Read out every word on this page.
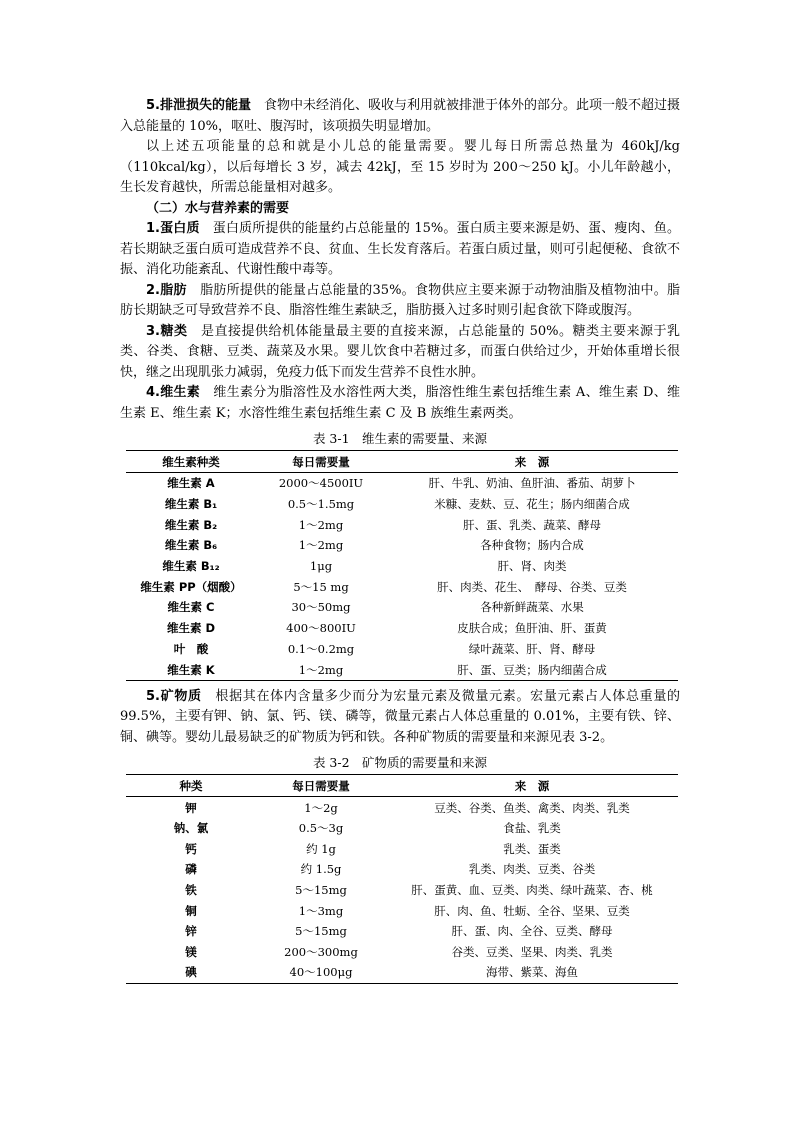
5.排泄损失的能量　食物中未经消化、吸收与利用就被排泄于体外的部分。此项一般不超过摄入总能量的 10%，呕吐、腹泻时，该项损失明显增加。

以上述五项能量的总和就是小儿总的能量需要。婴儿每日所需总热量为 460kJ/kg（110kcal/kg），以后每增长 3 岁，减去 42kJ，至 15 岁时为 200～250 kJ。小儿年龄越小，生长发育越快，所需总能量相对越多。

（二）水与营养素的需要

1.蛋白质　蛋白质所提供的能量约占总能量的 15%。蛋白质主要来源是奶、蛋、瘦肉、鱼。若长期缺乏蛋白质可造成营养不良、贫血、生长发育落后。若蛋白质过量，则可引起便秘、食欲不振、消化功能紊乱、代谢性酸中毒等。

2.脂肪　脂肪所提供的能量占总能量的35%。食物供应主要来源于动物油脂及植物油中。脂肪长期缺乏可导致营养不良、脂溶性维生素缺乏，脂肪摄入过多时则引起食欲下降或腹泻。

3.糖类　是直接提供给机体能量最主要的直接来源，占总能量的 50%。糖类主要来源于乳类、谷类、食糖、豆类、蔬菜及水果。婴儿饮食中若糖过多，而蛋白供给过少，开始体重增长很快，继之出现肌张力减弱，免疫力低下而发生营养不良性水肿。

4.维生素　维生素分为脂溶性及水溶性两大类，脂溶性维生素包括维生素 A、维生素 D、维生素 E、维生素 K；水溶性维生素包括维生素 C 及 B 族维生素两类。

表 3-1　维生素的需要量、来源
维生素种类	每日需要量	来　源
维生素 A	2000～4500IU	肝、牛乳、奶油、鱼肝油、番茄、胡萝卜
维生素 B₁	0.5～1.5mg	米糠、麦麸、豆、花生；肠内细菌合成
维生素 B₂	1～2mg	肝、蛋、乳类、蔬菜、酵母
维生素 B₆	1～2mg	各种食物；肠内合成
维生素 B₁₂	1μg	肝、肾、肉类
维生素 PP（烟酸）	5～15 mg	肝、肉类、花生、　酵母、谷类、豆类
维生素 C	30～50mg	各种新鲜蔬菜、水果
维生素 D	400～800IU	皮肤合成；鱼肝油、肝、蛋黄
叶　酸	0.1～0.2mg	绿叶蔬菜、肝、肾、酵母
维生素 K	1～2mg	肝、蛋、豆类；肠内细菌合成

5.矿物质　根据其在体内含量多少而分为宏量元素及微量元素。宏量元素占人体总重量的 99.5%，主要有钾、钠、氯、钙、镁、磷等，微量元素占人体总重量的 0.01%，主要有铁、锌、铜、碘等。婴幼儿最易缺乏的矿物质为钙和铁。各种矿物质的需要量和来源见表 3-2。

表 3-2　矿物质的需要量和来源
种类	每日需要量	来　源
钾	1～2g	豆类、谷类、鱼类、禽类、肉类、乳类
钠、氯	0.5～3g	食盐、乳类
钙	约 1g	乳类、蛋类
磷	约 1.5g	乳类、肉类、豆类、谷类
铁	5～15mg	肝、蛋黄、血、豆类、肉类、绿叶蔬菜、杏、桃
铜	1～3mg	肝、肉、鱼、牡蛎、全谷、坚果、豆类
锌	5～15mg	肝、蛋、肉、全谷、豆类、酵母
镁	200～300mg	谷类、豆类、坚果、肉类、乳类
碘	40～100μg	海带、紫菜、海鱼
